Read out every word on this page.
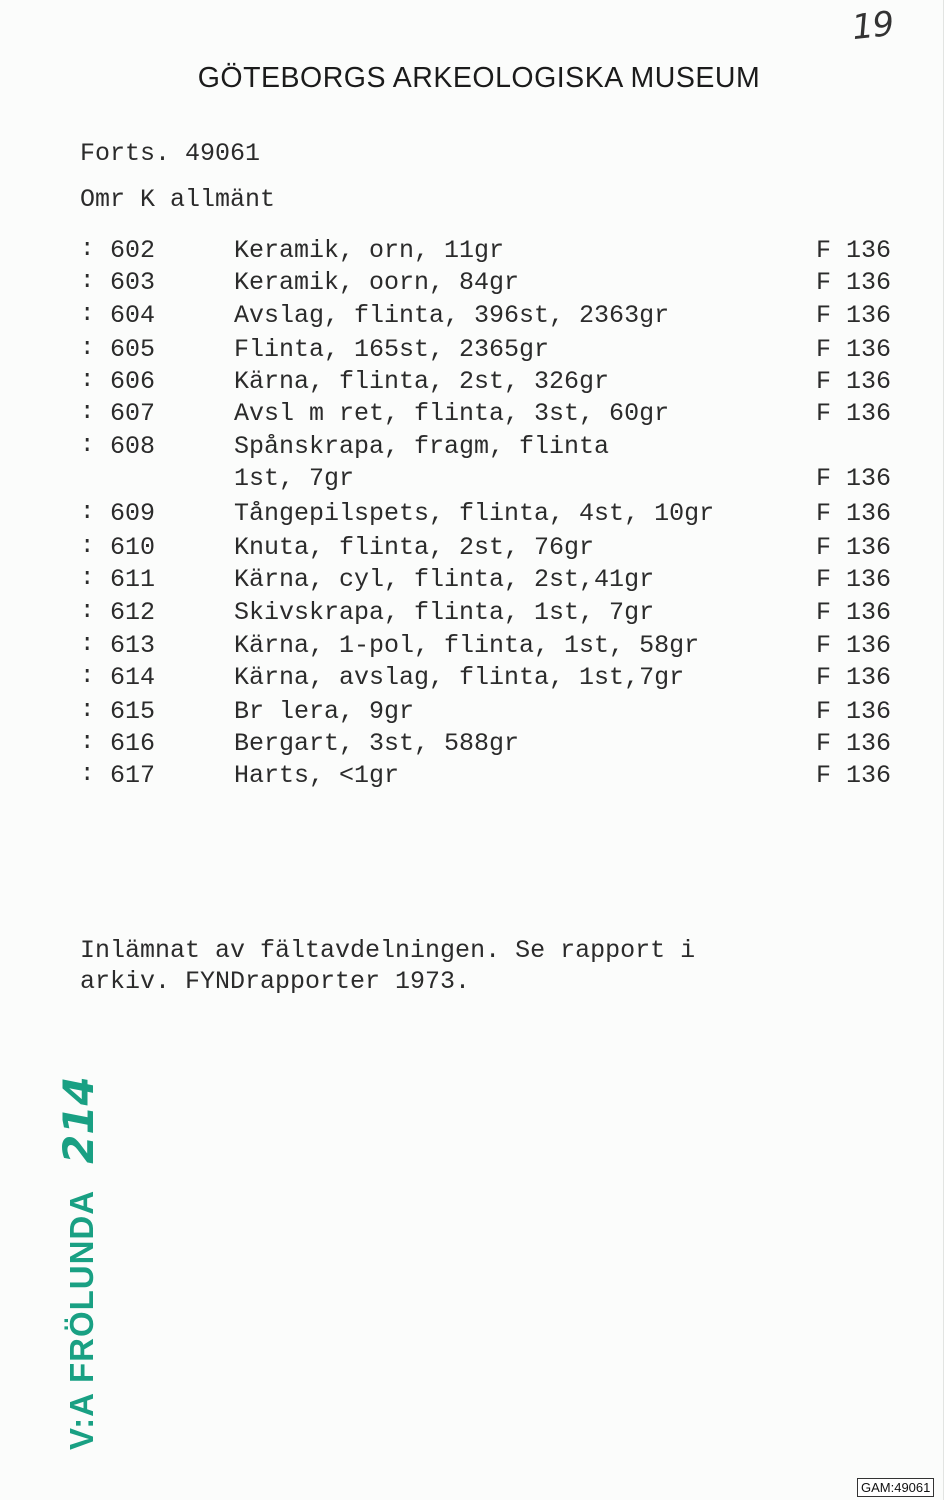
19
GÖTEBORGS ARKEOLOGISKA MUSEUM
Forts. 49061
Omr K allmänt
: 602	Keramik, orn, 11gr	F 136
: 603	Keramik, oorn, 84gr	F 136
: 604	Avslag, flinta, 396st, 2363gr	F 136
: 605	Flinta, 165st, 2365gr	F 136
: 606	Kärna, flinta, 2st, 326gr	F 136
: 607	Avsl m ret, flinta, 3st, 60gr	F 136
: 608	Spånskrapa, fragm, flinta
1st, 7gr	F 136
: 609	Tångepilspets, flinta, 4st, 10gr	F 136
: 610	Knuta, flinta, 2st, 76gr	F 136
: 611	Kärna, cyl, flinta, 2st,41gr	F 136
: 612	Skivskrapa, flinta, 1st, 7gr	F 136
: 613	Kärna, 1-pol, flinta, 1st, 58gr	F 136
: 614	Kärna, avslag, flinta, 1st,7gr	F 136
: 615	Br lera, 9gr	F 136
: 616	Bergart, 3st, 588gr	F 136
: 617	Harts, <1gr	F 136
Inlämnat av fältavdelningen. Se rapport i
arkiv. FYNDrapporter 1973.
V:A FRÖLUNDA214
GAM:49061
